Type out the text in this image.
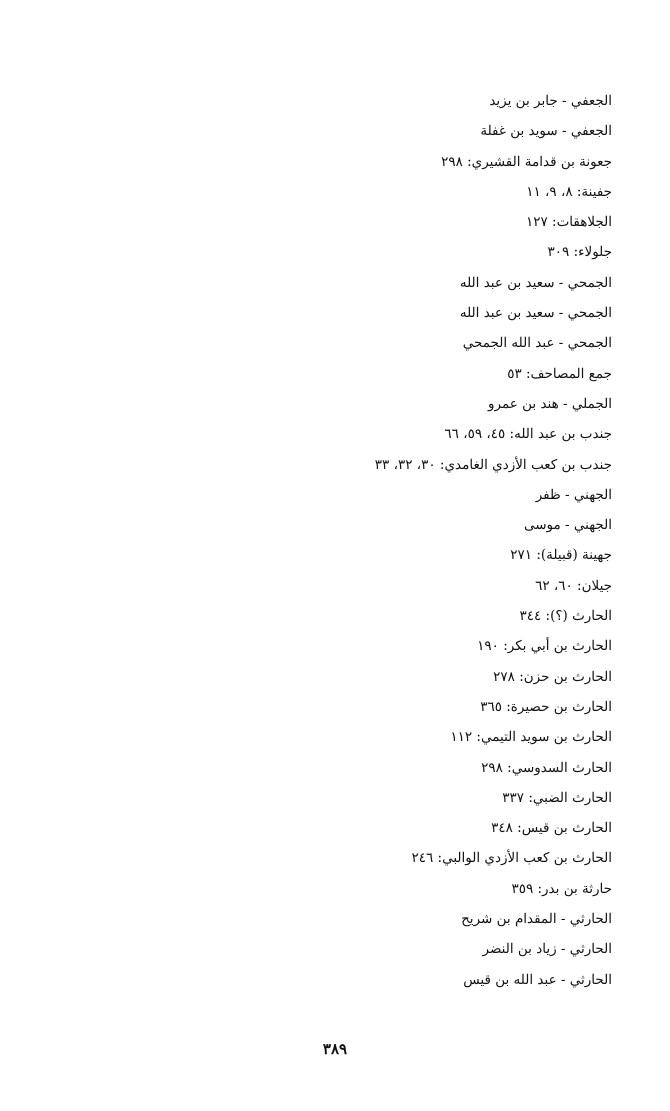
الجعفي - جابر بن يزيد
الجعفي - سويد بن غفلة
جعونة بن قدامة القشيري: ٢٩٨
جفينة: ٨، ٩، ١١
الجلاهقات: ١٢٧
جلولاء: ٣٠٩
الجمحي - سعيد بن عبد الله
الجمحي - سعيد بن عبد الله
الجمحي - عبد الله الجمحي
جمع المصاحف: ٥٣
الجملي - هند بن عمرو
جندب بن عبد الله: ٤٥، ٥٩، ٦٦
جندب بن كعب الأزدي الغامدي: ٣٠، ٣٢، ٣٣
الجهني - ظفر
الجهني - موسى
جهينة (قبيلة): ٢٧١
جيلان: ٦٠، ٦٢
الحارث (؟): ٣٤٤
الحارث بن أبي بكر: ١٩٠
الحارث بن حزن: ٢٧٨
الحارث بن حصيرة: ٣٦٥
الحارث بن سويد التيمي: ١١٢
الحارث السدوسي: ٢٩٨
الحارث الضبي: ٣٣٧
الحارث بن قيس: ٣٤٨
الحارث بن كعب الأزدي الوالبي: ٢٤٦
حارثة بن بدر: ٣٥٩
الحارثي - المقدام بن شريح
الحارثي - زياد بن النضر
الحارثي - عبد الله بن قيس
٣٨٩
